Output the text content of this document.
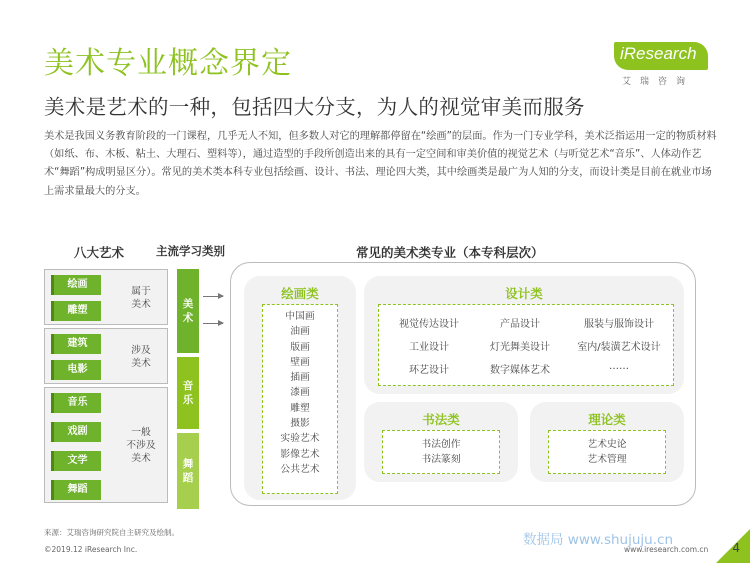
美术专业概念界定	iResearch
艾瑞咨询
美术是艺术的一种，包括四大分支，为人的视觉审美而服务
美术是我国义务教育阶段的一门课程，几乎无人不知，但多数人对它的理解都停留在“绘画”的层面。作为一门专业学科，美术泛指运用一定的物质材料（如纸、布、木板、粘土、大理石、塑料等），通过造型的手段所创造出来的具有一定空间和审美价值的视觉艺术（与听觉艺术“音乐”、人体动作艺术“舞蹈”构成明显区分）。常见的美术类本科专业包括绘画、设计、书法、理论四大类，其中绘画类是最广为人知的分支，而设计类是目前在就业市场上需求量最大的分支。
八大艺术	主流学习类别	常见的美术类专业（本专科层次）
绘画
雕塑
属于
美术
建筑
电影
涉及
美术
音乐
戏剧
文学
舞蹈
一般
不涉及
美术
美术
音乐
舞蹈
绘画类
中国画
油画
版画
壁画
插画
漆画
雕塑
摄影
实验艺术
影像艺术
公共艺术
设计类
视觉传达设计	产品设计	服装与服饰设计
工业设计	灯光舞美设计	室内/装潢艺术设计
环艺设计	数字媒体艺术	……
书法类
书法创作
书法篆刻
理论类
艺术史论
艺术管理
来源：艾瑞咨询研究院自主研究及绘制。
©2019.12 iResearch Inc.	www.iresearch.com.cn
数据局 www.shujuju.cn	4
